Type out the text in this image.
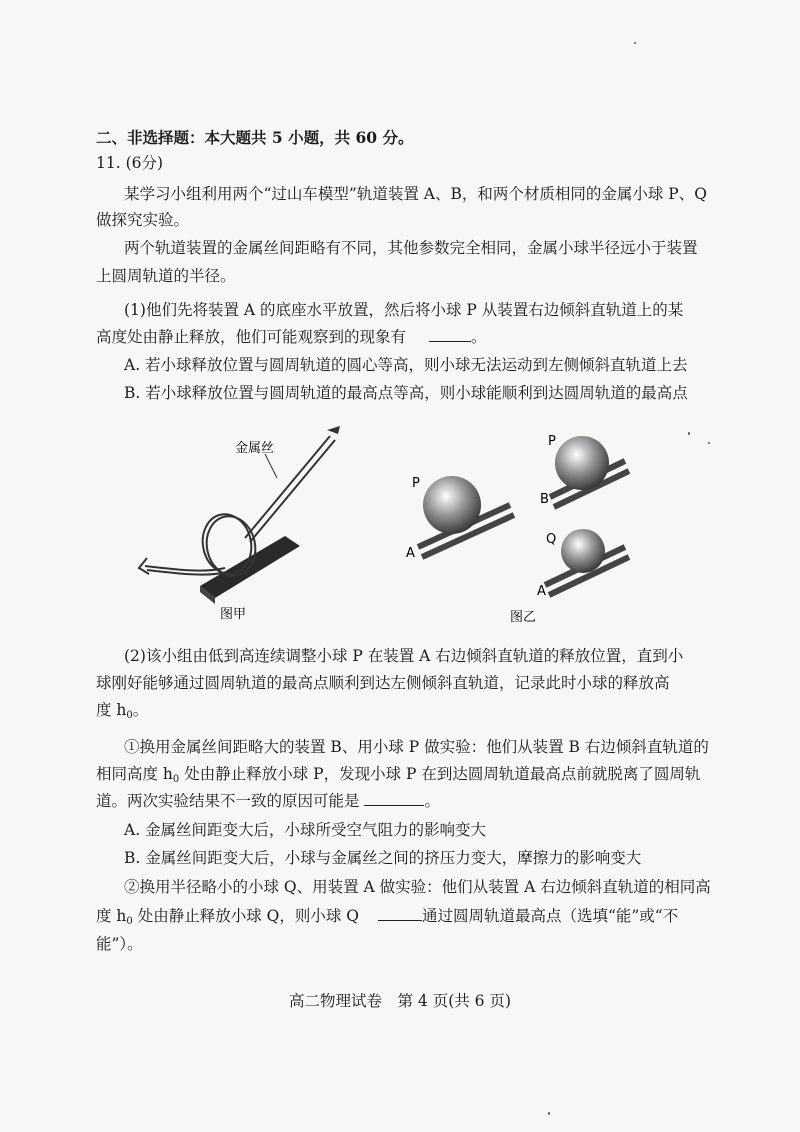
二、非选择题：本大题共 5 小题，共 60 分。
11. (6分)
某学习小组利用两个“过山车模型”轨道装置 A、B，和两个材质相同的金属小球 P、Q
做探究实验。
两个轨道装置的金属丝间距略有不同，其他参数完全相同，金属小球半径远小于装置
上圆周轨道的半径。
(1)他们先将装置 A 的底座水平放置，然后将小球 P 从装置右边倾斜直轨道上的某
高度处由静止释放，他们可能观察到的现象有	。
A. 若小球释放位置与圆周轨道的圆心等高，则小球无法运动到左侧倾斜直轨道上去
B. 若小球释放位置与圆周轨道的最高点等高，则小球能顺利到达圆周轨道的最高点
金属丝
图甲
P
A
P
B
Q
A
图乙
(2)该小组由低到高连续调整小球 P 在装置 A 右边倾斜直轨道的释放位置，直到小
球刚好能够通过圆周轨道的最高点顺利到达左侧倾斜直轨道，记录此时小球的释放高
度 $h_0$。
①换用金属丝间距略大的装置 B、用小球 P 做实验：他们从装置 B 右边倾斜直轨道的
相同高度 $h_0$ 处由静止释放小球 P，发现小球 P 在到达圆周轨道最高点前就脱离了圆周轨
道。两次实验结果不一致的原因可能是	。
A. 金属丝间距变大后，小球所受空气阻力的影响变大
B. 金属丝间距变大后，小球与金属丝之间的挤压力变大，摩擦力的影响变大
②换用半径略小的小球 Q、用装置 A 做实验：他们从装置 A 右边倾斜直轨道的相同高
度 $h_0$ 处由静止释放小球 Q，则小球 Q	通过圆周轨道最高点（选填“能”或“不
能”）。
高二物理试卷　第 4 页(共 6 页)
